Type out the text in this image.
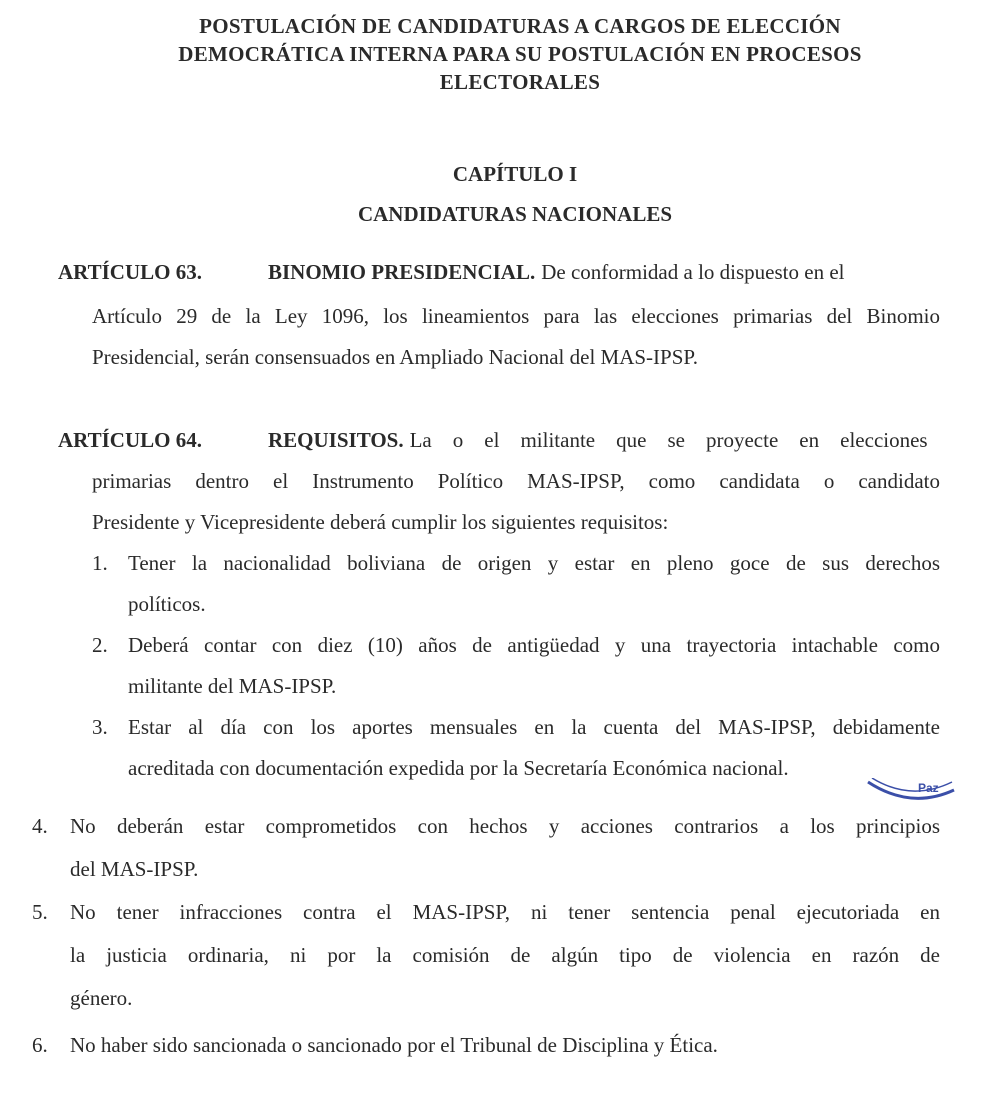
POSTULACIÓN DE CANDIDATURAS A CARGOS DE ELECCIÓN
DEMOCRÁTICA INTERNA PARA SU POSTULACIÓN EN PROCESOS
ELECTORALES
CAPÍTULO I
CANDIDATURAS NACIONALES
ARTÍCULO 63.	BINOMIO PRESIDENCIAL. De conformidad a lo dispuesto en el
Artículo 29 de la Ley 1096, los lineamientos para las elecciones primarias del Binomio
Presidencial, serán consensuados en Ampliado Nacional del MAS-IPSP.
ARTÍCULO 64.	REQUISITOS. La o el militante que se proyecte en elecciones
primarias dentro el Instrumento Político MAS-IPSP, como candidata o candidato
Presidente y Vicepresidente deberá cumplir los siguientes requisitos:
1. Tener la nacionalidad boliviana de origen y estar en pleno goce de sus derechos
políticos.
2. Deberá contar con diez (10) años de antigüedad y una trayectoria intachable como
militante del MAS-IPSP.
3. Estar al día con los aportes mensuales en la cuenta del MAS-IPSP, debidamente
acreditada con documentación expedida por la Secretaría Económica nacional.
Paz
4. No deberán estar comprometidos con hechos y acciones contrarios a los principios
del MAS-IPSP.
5. No tener infracciones contra el MAS-IPSP, ni tener sentencia penal ejecutoriada en
la justicia ordinaria, ni por la comisión de algún tipo de violencia en razón de
género.
6. No haber sido sancionada o sancionado por el Tribunal de Disciplina y Ética.
